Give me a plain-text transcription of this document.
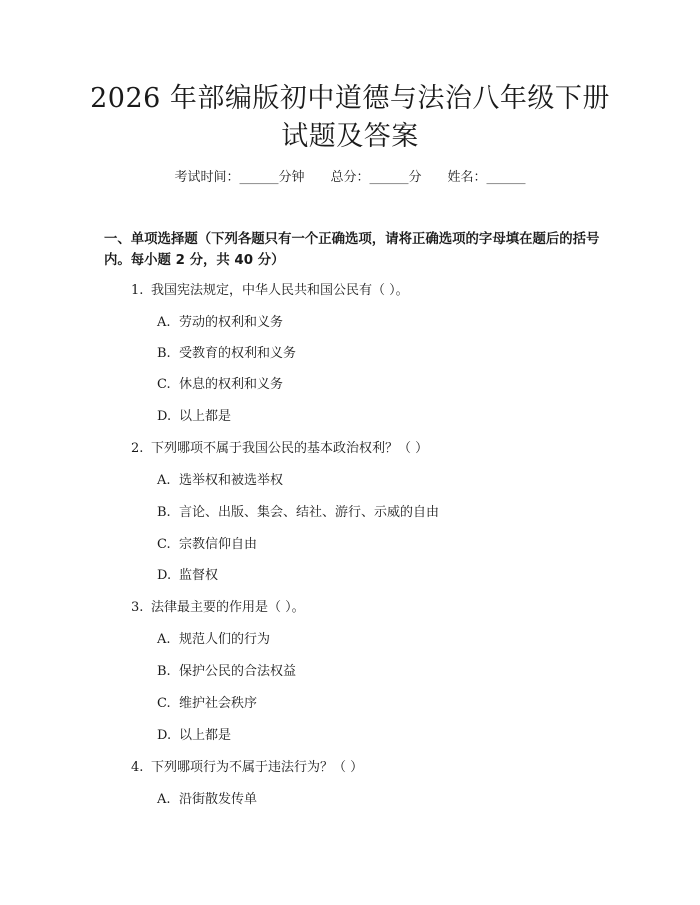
2026 年部编版初中道德与法治八年级下册试题及答案
考试时间：______分钟 总分：______分 姓名：______
一、单项选择题（下列各题只有一个正确选项，请将正确选项的字母填在题后的括号内。每小题 2 分，共 40 分）
1. 我国宪法规定，中华人民共和国公民有（ ）。
A. 劳动的权利和义务
B. 受教育的权利和义务
C. 休息的权利和义务
D. 以上都是
2. 下列哪项不属于我国公民的基本政治权利？（ ）
A. 选举权和被选举权
B. 言论、出版、集会、结社、游行、示威的自由
C. 宗教信仰自由
D. 监督权
3. 法律最主要的作用是（ ）。
A. 规范人们的行为
B. 保护公民的合法权益
C. 维护社会秩序
D. 以上都是
4. 下列哪项行为不属于违法行为？（ ）
A. 沿街散发传单
